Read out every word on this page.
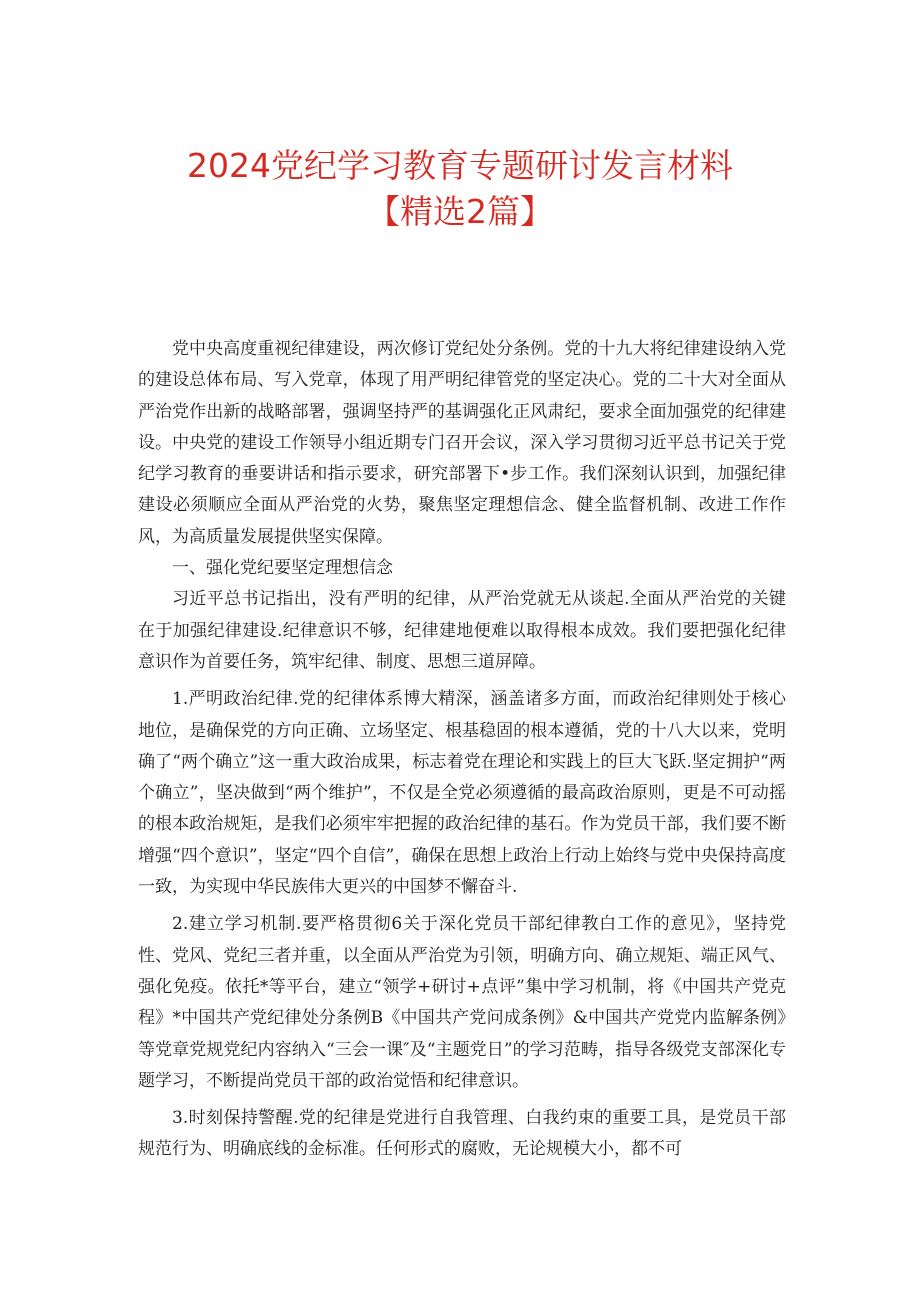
2024党纪学习教育专题研讨发言材料
【精选2篇】

党中央高度重视纪律建设，两次修订党纪处分条例。党的十九大将纪律建设纳入党的建设总体布局、写入党章，体现了用严明纪律管党的坚定决心。党的二十大对全面从严治党作出新的战略部署，强调坚持严的基调强化正风肃纪，要求全面加强党的纪律建设。中央党的建设工作领导小组近期专门召开会议，深入学习贯彻习近平总书记关于党纪学习教育的垂要讲话和指示要求，研究部署下•步工作。我们深刻认识到，加强纪律建设必须顺应全面从严治党的火势，聚焦坚定理想信念、健全监督机制、改进工作作风，为高质量发展提供坚实保障。

一、强化党纪要坚定理想信念

习近平总书记指出，没有严明的纪律，从严治党就无从谈起.全面从严治党的关键在于加强纪律建设.纪律意识不够，纪律建地便难以取得根本成效。我们要把强化纪律意识作为首要任务，筑牢纪律、制度、思想三道屏障。

1.严明政治纪律.党的纪律体系博大精深，涵盖诸多方面，而政治纪律则处于核心地位，是确保党的方向正确、立场坚定、根基稳固的根本遵循，党的十八大以来，党明确了“两个确立”这一重大政治成果，标志着党在理论和实践上的巨大飞跃.坚定拥护“两个确立”，坚决做到“两个维护”，不仅是全党必须遵循的最高政治原则，更是不可动摇的根本政治规矩，是我们必须牢牢把握的政治纪律的基石。作为党员干部，我们要不断增强“四个意识”，坚定“四个自信”，确保在思想上政治上行动上始终与党中央保持高度一致，为实现中华民族伟大更兴的中国梦不懈奋斗.

2.建立学习机制.要严格贯彻6关于深化党员干部纪律教白工作的意见》，坚持党性、党风、党纪三者并重，以全面从严治党为引领，明确方向、确立规矩、端正风气、强化免疫。依托*等平台，建立“领学+研讨+点评”集中学习机制，将《中国共产党克程》*中国共产党纪律处分条例B《中国共产党问成条例》&中国共产党党内监解条例》等党章党规党纪内容纳入“三会一课″及“主题党日”的学习范畴，指导各级党支部深化专题学习，不断提尚党员干部的政治觉悟和纪律意识。

3.时刻保持警醒.党的纪律是党进行自我管理、白我约束的重要工具，是党员干部规范行为、明确底线的金标准。任何形式的腐败，无论规模大小，都不可
